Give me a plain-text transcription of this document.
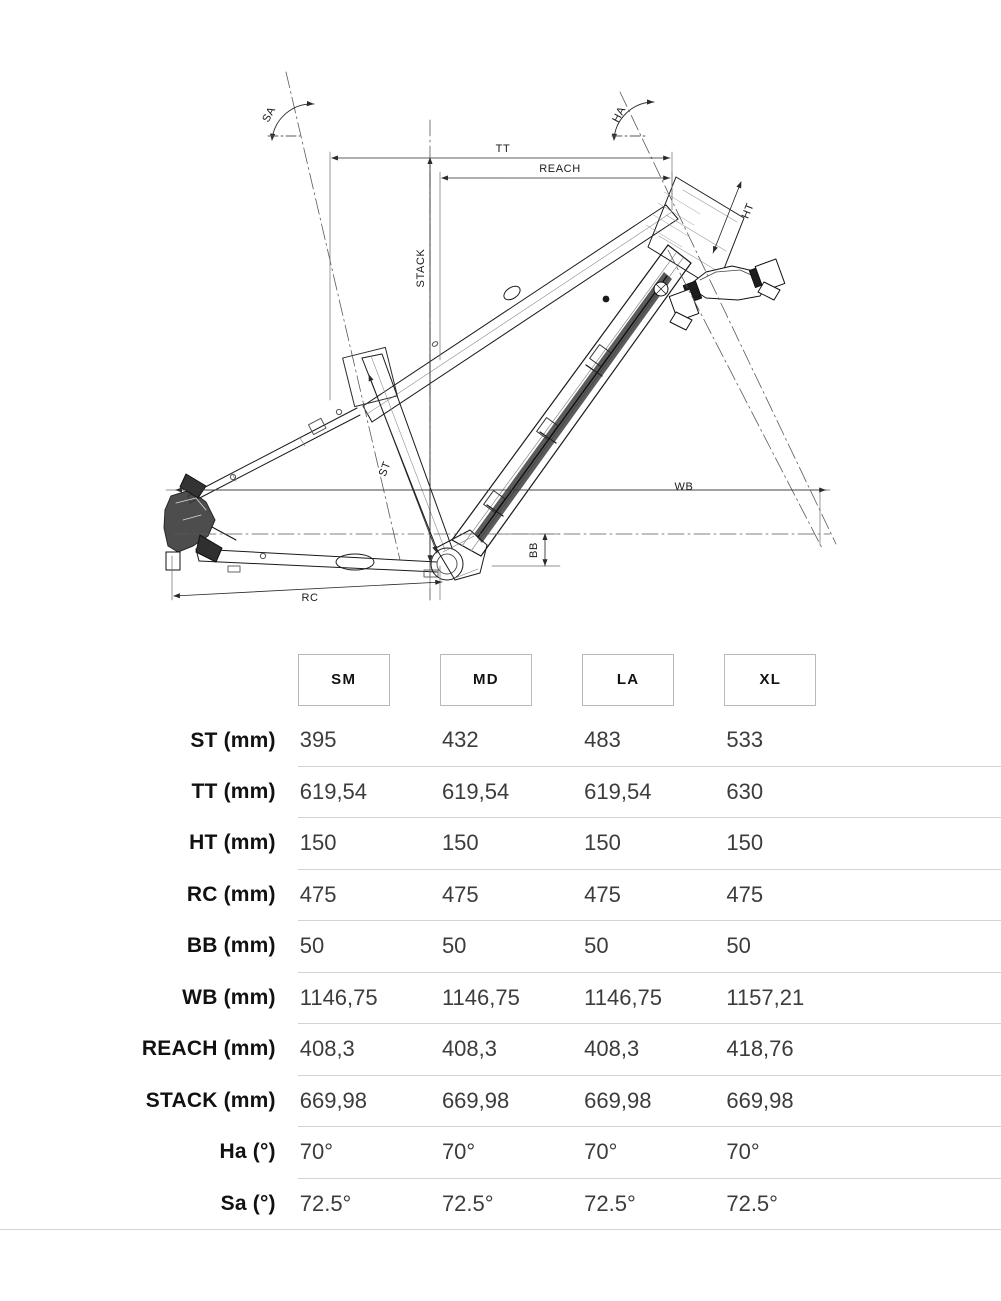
TT
REACH
STACK
HT
ST
WB
BB
RC
SA	HA

	SM	MD	LA	XL	

ST (mm)	395	432	483	533	
TT (mm)	619,54	619,54	619,54	630	
HT (mm)	150	150	150	150	
RC (mm)	475	475	475	475	
BB (mm)	50	50	50	50	
WB (mm)	1146,75	1146,75	1146,75	1157,21	
REACH (mm)	408,3	408,3	408,3	418,76	
STACK (mm)	669,98	669,98	669,98	669,98	
Ha (°)	70°	70°	70°	70°	
Sa (°)	72.5°	72.5°	72.5°	72.5°	
